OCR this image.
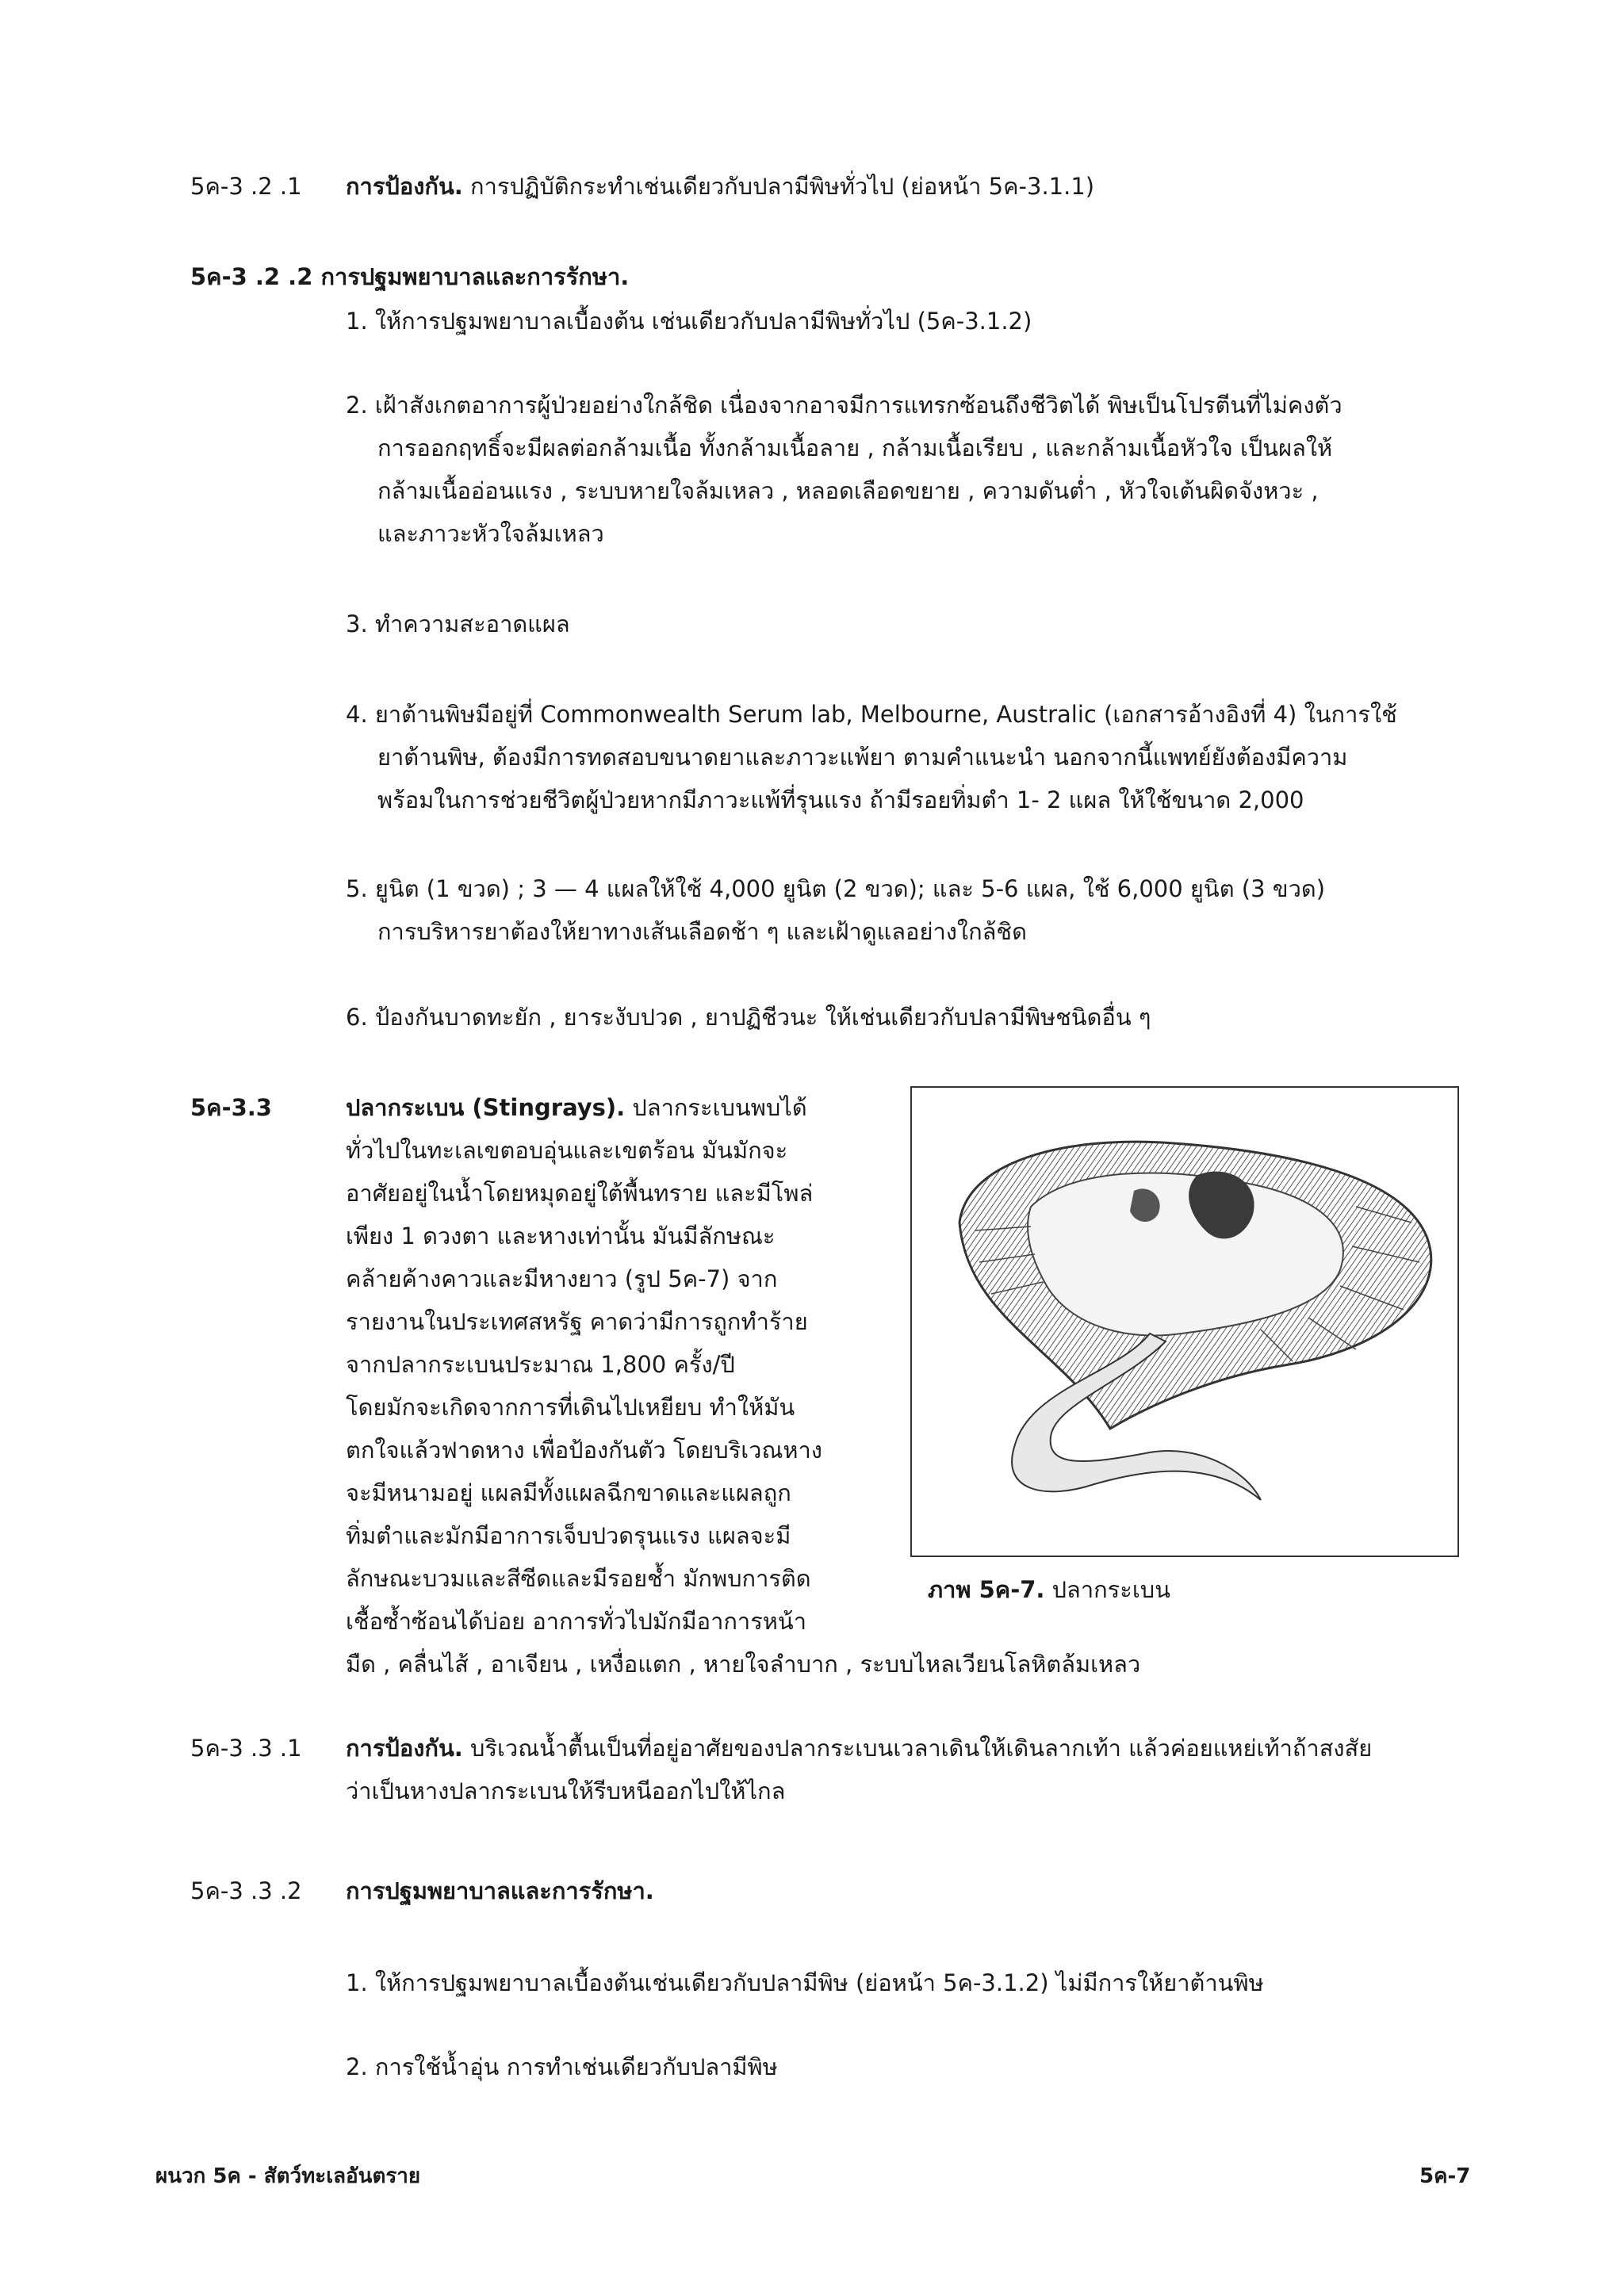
5ค-3 .2 .1 การป้องกัน. การปฏิบัติกระทำเช่นเดียวกับปลามีพิษทั่วไป (ย่อหน้า 5ค-3.1.1)
5ค-3 .2 .2 การปฐมพยาบาลและการรักษา.
1. ให้การปฐมพยาบาลเบื้องต้น เช่นเดียวกับปลามีพิษทั่วไป (5ค-3.1.2)
2. เฝ้าสังเกตอาการผู้ป่วยอย่างใกล้ชิด เนื่องจากอาจมีการแทรกซ้อนถึงชีวิตได้ พิษเป็นโปรตีนที่ไม่คงตัว
การออกฤทธิ์จะมีผลต่อกล้ามเนื้อ ทั้งกล้ามเนื้อลาย , กล้ามเนื้อเรียบ , และกล้ามเนื้อหัวใจ เป็นผลให้
กล้ามเนื้ออ่อนแรง , ระบบหายใจล้มเหลว , หลอดเลือดขยาย , ความดันต่ำ , หัวใจเต้นผิดจังหวะ ,
และภาวะหัวใจล้มเหลว
3. ทำความสะอาดแผล
4. ยาต้านพิษมีอยู่ที่ Commonwealth Serum lab, Melbourne, Australic (เอกสารอ้างอิงที่ 4) ในการใช้
ยาต้านพิษ, ต้องมีการทดสอบขนาดยาและภาวะแพ้ยา ตามคำแนะนำ นอกจากนี้แพทย์ยังต้องมีความ
พร้อมในการช่วยชีวิตผู้ป่วยหากมีภาวะแพ้ที่รุนแรง ถ้ามีรอยทิ่มตำ 1- 2 แผล ให้ใช้ขนาด 2,000
5. ยูนิต (1 ขวด) ; 3 — 4 แผลให้ใช้ 4,000 ยูนิต (2 ขวด); และ 5-6 แผล, ใช้ 6,000 ยูนิต (3 ขวด)
การบริหารยาต้องให้ยาทางเส้นเลือดช้า ๆ และเฝ้าดูแลอย่างใกล้ชิด
6. ป้องกันบาดทะยัก , ยาระงับปวด , ยาปฏิชีวนะ ให้เช่นเดียวกับปลามีพิษชนิดอื่น ๆ
5ค-3.3	ปลากระเบน (Stingrays). ปลากระเบนพบได้
ทั่วไปในทะเลเขตอบอุ่นและเขตร้อน มันมักจะ
อาศัยอยู่ในน้ำโดยหมุดอยู่ใต้พื้นทราย และมีโพล่
เพียง 1 ดวงตา และหางเท่านั้น มันมีลักษณะ
คล้ายค้างคาวและมีหางยาว (รูป 5ค-7) จาก
รายงานในประเทศสหรัฐ คาดว่ามีการถูกทำร้าย
จากปลากระเบนประมาณ 1,800 ครั้ง/ปี
โดยมักจะเกิดจากการที่เดินไปเหยียบ ทำให้มัน
ตกใจแล้วฟาดหาง เพื่อป้องกันตัว โดยบริเวณหาง
จะมีหนามอยู่ แผลมีทั้งแผลฉีกขาดและแผลถูก
ทิ่มตำและมักมีอาการเจ็บปวดรุนแรง แผลจะมี
ลักษณะบวมและสีซีดและมีรอยช้ำ มักพบการติด
เชื้อซ้ำซ้อนได้บ่อย อาการทั่วไปมักมีอาการหน้า
มืด , คลื่นไส้ , อาเจียน , เหงื่อแตก , หายใจลำบาก , ระบบไหลเวียนโลหิตล้มเหลว
ภาพ 5ค-7. ปลากระเบน
5ค-3 .3 .1 การป้องกัน. บริเวณน้ำตื้นเป็นที่อยู่อาศัยของปลากระเบนเวลาเดินให้เดินลากเท้า แล้วค่อยแหย่เท้าถ้าสงสัย
ว่าเป็นหางปลากระเบนให้รีบหนีออกไปให้ไกล
5ค-3 .3 .2 การปฐมพยาบาลและการรักษา.
1. ให้การปฐมพยาบาลเบื้องต้นเช่นเดียวกับปลามีพิษ (ย่อหน้า 5ค-3.1.2) ไม่มีการให้ยาต้านพิษ
2. การใช้น้ำอุ่น การทำเช่นเดียวกับปลามีพิษ
ผนวก 5ค - สัตว์ทะเลอันตราย	5ค-7
